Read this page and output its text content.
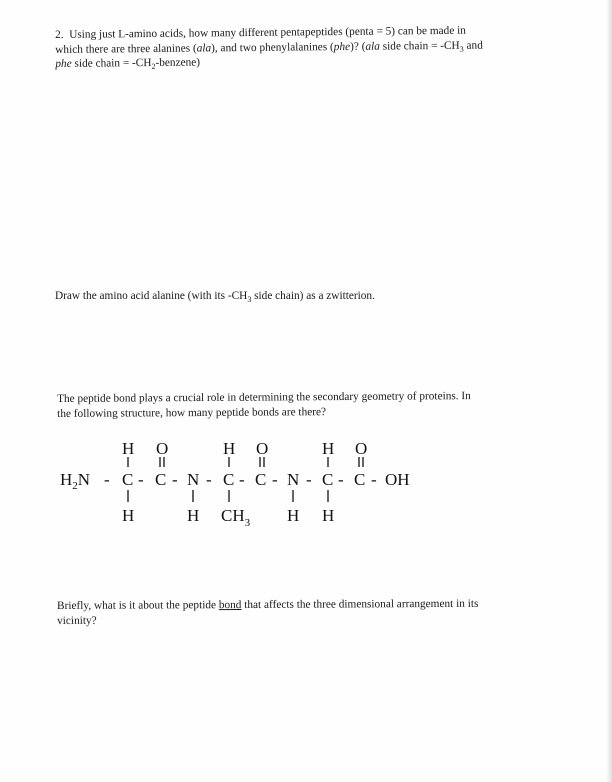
2. Using just L-amino acids, how many different pentapeptides (penta = 5) can be made in
which there are three alanines (ala), and two phenylalanines (phe)? (ala side chain = $-CH_3$ and
phe side chain = $-CH_2-benzene$)
Draw the amino acid alanine (with its $-CH_3$ side chain) as a zwitterion.
The peptide bond plays a crucial role in determining the secondary geometry of proteins. In
the following structure, how many peptide bonds are there?
H O	H O	H O
$H_2N$ - C - C - N - C - C - N - C - C - OH
H	H $CH_3$ H H
Briefly, what is it about the peptide bond that affects the three dimensional arrangement in its
vicinity?
